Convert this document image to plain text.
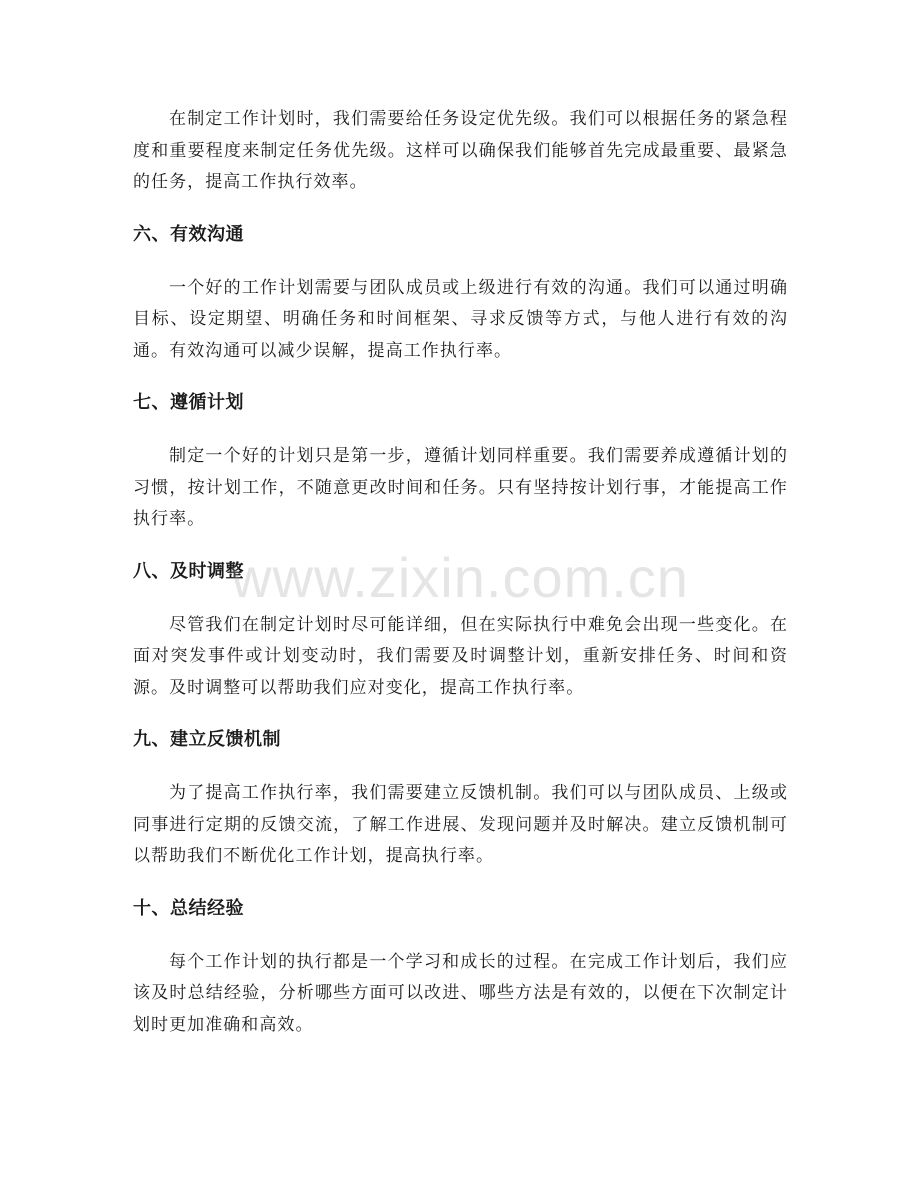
在制定工作计划时，我们需要给任务设定优先级。我们可以根据任务的紧急程度和重要程度来制定任务优先级。这样可以确保我们能够首先完成最重要、最紧急的任务，提高工作执行效率。

六、有效沟通

一个好的工作计划需要与团队成员或上级进行有效的沟通。我们可以通过明确目标、设定期望、明确任务和时间框架、寻求反馈等方式，与他人进行有效的沟通。有效沟通可以减少误解，提高工作执行率。

七、遵循计划

制定一个好的计划只是第一步，遵循计划同样重要。我们需要养成遵循计划的习惯，按计划工作，不随意更改时间和任务。只有坚持按计划行事，才能提高工作执行率。

八、及时调整

尽管我们在制定计划时尽可能详细，但在实际执行中难免会出现一些变化。在面对突发事件或计划变动时，我们需要及时调整计划，重新安排任务、时间和资源。及时调整可以帮助我们应对变化，提高工作执行率。

九、建立反馈机制

为了提高工作执行率，我们需要建立反馈机制。我们可以与团队成员、上级或同事进行定期的反馈交流，了解工作进展、发现问题并及时解决。建立反馈机制可以帮助我们不断优化工作计划，提高执行率。

十、总结经验

每个工作计划的执行都是一个学习和成长的过程。在完成工作计划后，我们应该及时总结经验，分析哪些方面可以改进、哪些方法是有效的，以便在下次制定计划时更加准确和高效。

www.zixin.com.cn
